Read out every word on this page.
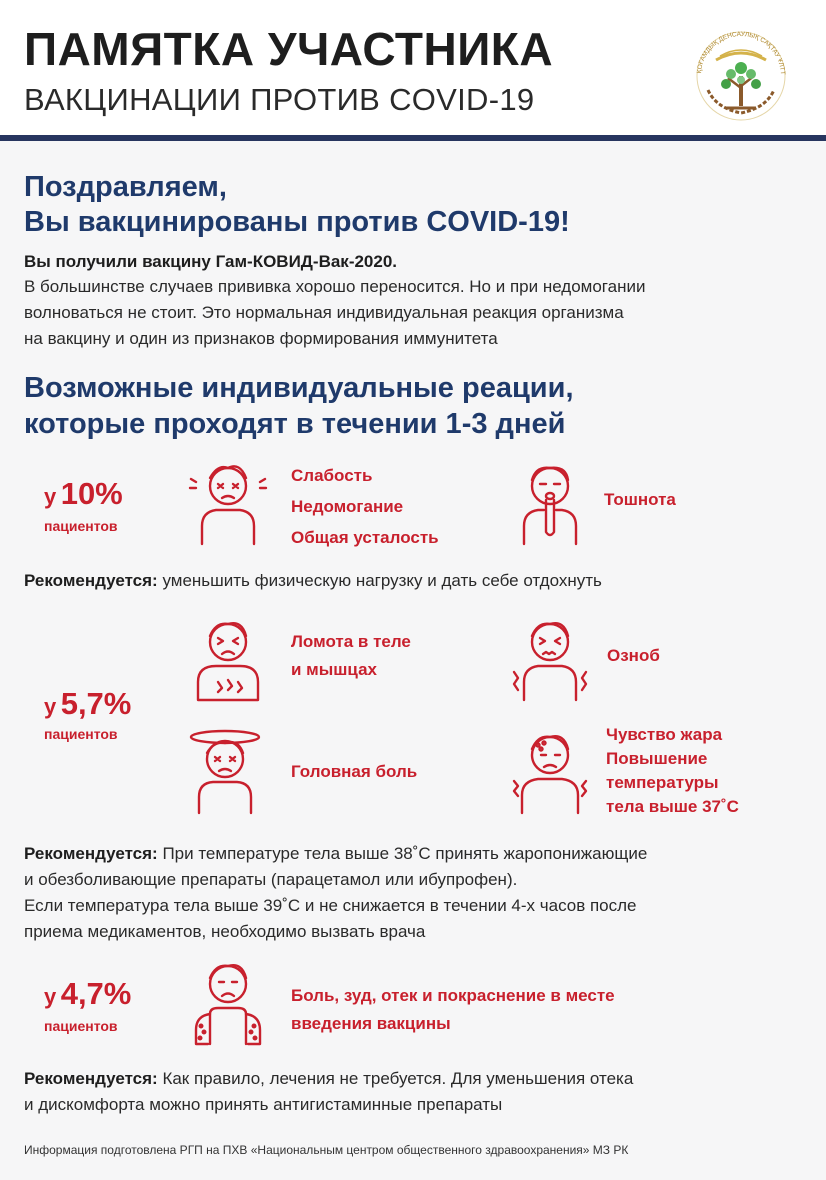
ПАМЯТКА УЧАСТНИКА
ВАКЦИНАЦИИ ПРОТИВ COVID-19
ҚОҒАМДЫҚ ДЕНСАУЛЫҚ САҚТАУ ҰЛТТ
Поздравляем,
Вы вакцинированы против COVID-19!
Вы получили вакцину Гам-КОВИД-Вак-2020.
В большинстве случаев прививка хорошо переносится. Но и при недомогании
волноваться не стоит. Это нормальная индивидуальная реакция организма
на вакцину и один из признаков формирования иммунитета
Возможные индивидуальные реации,
которые проходят в течении 1-3 дней
у 10%
пациентов
Слабость
Недомогание
Общая усталость
Тошнота
Рекомендуется: уменьшить физическую нагрузку и дать себе отдохнуть
у 5,7%
пациентов
Ломота в теле
и мышцах
Озноб
Головная боль
Чувство жара
Повышение
температуры
тела выше 37˚С
Рекомендуется: При температуре тела выше 38˚С принять жаропонижающие
и обезболивающие препараты (парацетамол или ибупрофен).
Если температура тела выше 39˚С и не снижается в течении 4-х часов после
приема медикаментов, необходимо вызвать врача
у 4,7%
пациентов
Боль, зуд, отек и покраснение в месте
введения вакцины
Рекомендуется: Как правило, лечения не требуется. Для уменьшения отека
и дискомфорта можно принять антигистаминные препараты
Информация подготовлена РГП на ПХВ «Национальным центром общественного здравоохранения» МЗ РК
